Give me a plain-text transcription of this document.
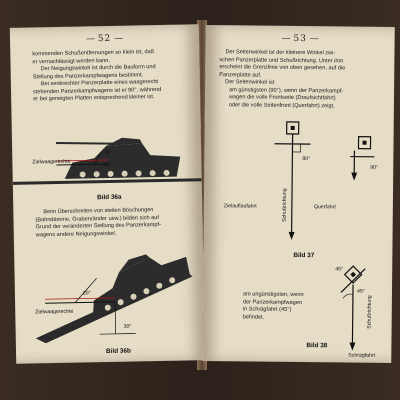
— 52 —
kommenden Schußentfernungen so klein ist, daß
er vernachlässigt werden kann.
Der Neigungswinkel ist durch die Bauform und
Stellung des Panzerkampfwagens bestimmt.
Bei senkrechter Panzerplatte eines waagerecht
stehenden Panzerkampfwagens ist er 90°, während
er bei geneigten Platten entsprechend kleiner ist.
Zielwaagerechte
30°
90°
Bild 36a
Beim Überschreiten von steilen Böschungen
(Bahndämme, Grabenränder usw.) bilden sich auf
Grund der veränderten Stellung des Panzerkampf-
wagens andere Neigungswinkel.
Zielwaagerechte
20°
30°
Bild 36b
— 53 —
Der Seitenwinkel ist der kleinere Winkel zwi-
schen Panzerplatte und Schußrichtung. Unter ihm
erscheint die Grenzlinie von oben gesehen, auf die
Panzerplatte auf.
Der Seitenwinkel ist
am günstigsten (90°), wenn der Panzerkampf-
wagen die volle Frontseite (Draufsichtfahrt)
oder die volle Seitenfront (Querfahrt) zeigt,
90°
90°
Zielauflaufahrt	Querfahrt
Schußrichtung
Bild 37
45°
45°
Schußrichtung
Schrägfahrt
am ungünstigsten, wenn
der Panzerkampfwagen
in Schrägfahrt (45°)
befindet.
Bild 38
